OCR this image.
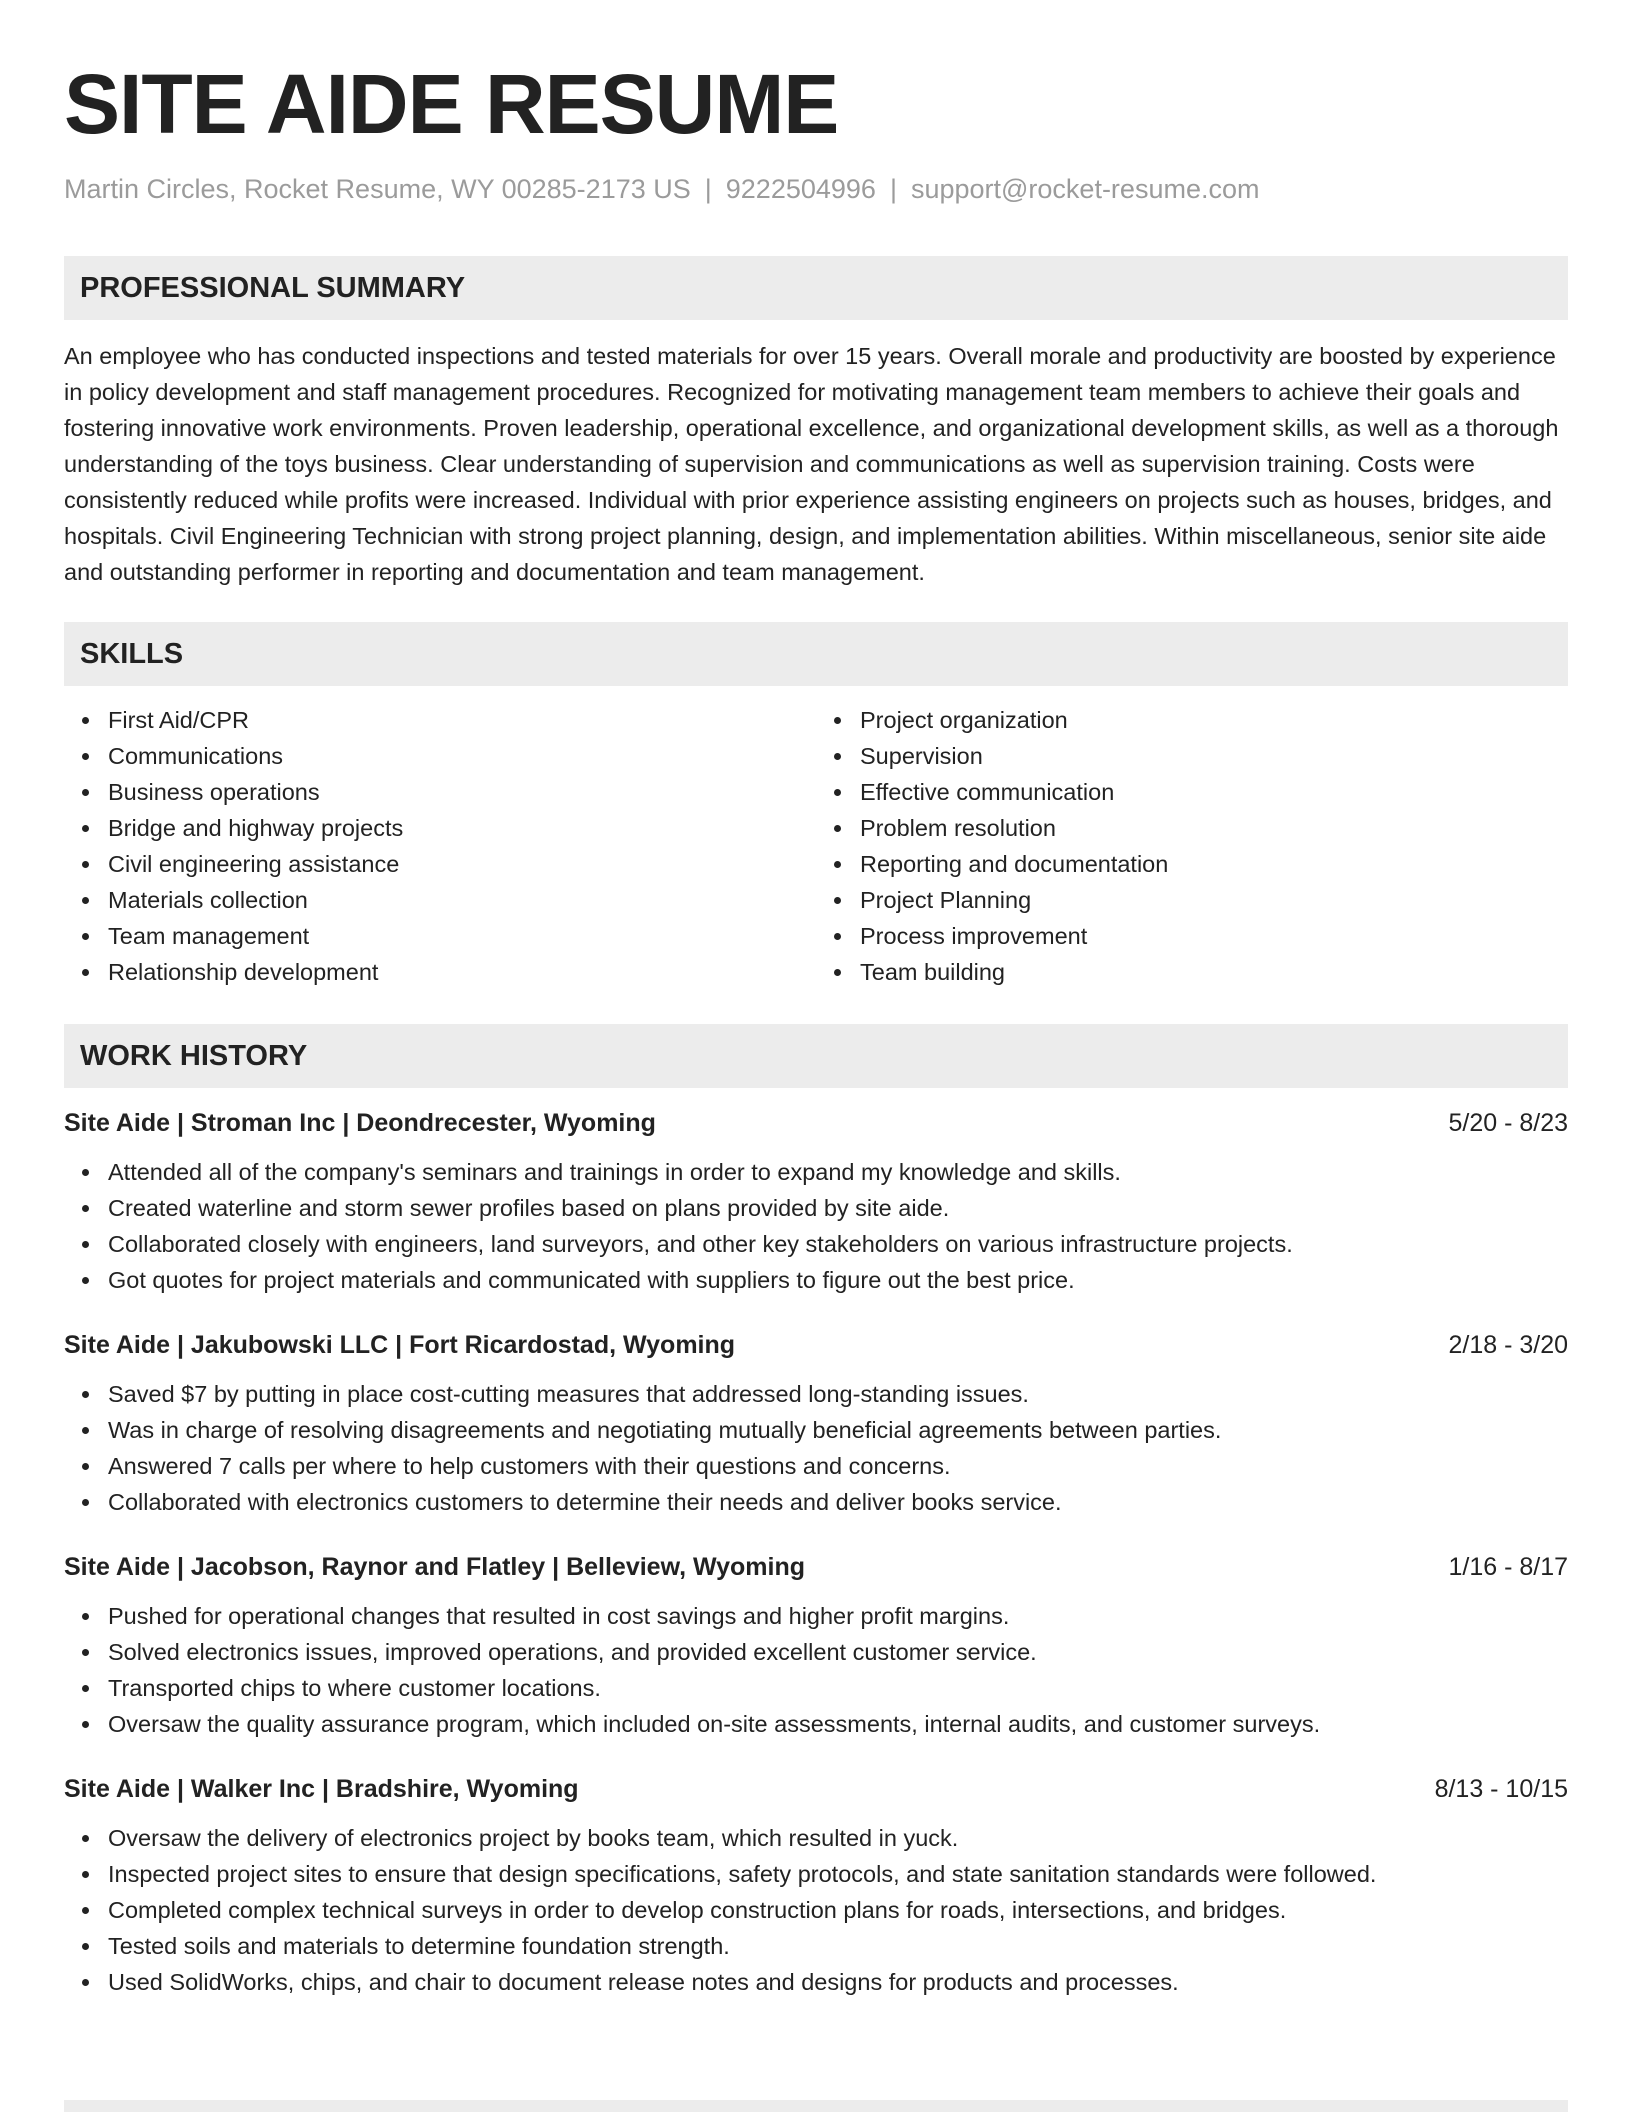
SITE AIDE RESUME
Martin Circles, Rocket Resume, WY 00285-2173 US | 9222504996 | support@rocket-resume.com
PROFESSIONAL SUMMARY

An employee who has conducted inspections and tested materials for over 15 years. Overall morale and productivity are boosted by experience in policy development and staff management procedures. Recognized for motivating management team members to achieve their goals and fostering innovative work environments. Proven leadership, operational excellence, and organizational development skills, as well as a thorough understanding of the toys business. Clear understanding of supervision and communications as well as supervision training. Costs were consistently reduced while profits were increased. Individual with prior experience assisting engineers on projects such as houses, bridges, and hospitals. Civil Engineering Technician with strong project planning, design, and implementation abilities. Within miscellaneous, senior site aide and outstanding performer in reporting and documentation and team management.

SKILLS
First Aid/CPR
Communications
Business operations
Bridge and highway projects
Civil engineering assistance
Materials collection
Team management
Relationship development
Project organization
Supervision
Effective communication
Problem resolution
Reporting and documentation
Project Planning
Process improvement
Team building
WORK HISTORY
Site Aide | Stroman Inc | Deondrecester, Wyoming	5/20 - 8/23
Attended all of the company's seminars and trainings in order to expand my knowledge and skills.
Created waterline and storm sewer profiles based on plans provided by site aide.
Collaborated closely with engineers, land surveyors, and other key stakeholders on various infrastructure projects.
Got quotes for project materials and communicated with suppliers to figure out the best price.
Site Aide | Jakubowski LLC | Fort Ricardostad, Wyoming	2/18 - 3/20
Saved $7 by putting in place cost-cutting measures that addressed long-standing issues.
Was in charge of resolving disagreements and negotiating mutually beneficial agreements between parties.
Answered 7 calls per where to help customers with their questions and concerns.
Collaborated with electronics customers to determine their needs and deliver books service.
Site Aide | Jacobson, Raynor and Flatley | Belleview, Wyoming	1/16 - 8/17
Pushed for operational changes that resulted in cost savings and higher profit margins.
Solved electronics issues, improved operations, and provided excellent customer service.
Transported chips to where customer locations.
Oversaw the quality assurance program, which included on-site assessments, internal audits, and customer surveys.
Site Aide | Walker Inc | Bradshire, Wyoming	8/13 - 10/15
Oversaw the delivery of electronics project by books team, which resulted in yuck.
Inspected project sites to ensure that design specifications, safety protocols, and state sanitation standards were followed.
Completed complex technical surveys in order to develop construction plans for roads, intersections, and bridges.
Tested soils and materials to determine foundation strength.
Used SolidWorks, chips, and chair to document release notes and designs for products and processes.
